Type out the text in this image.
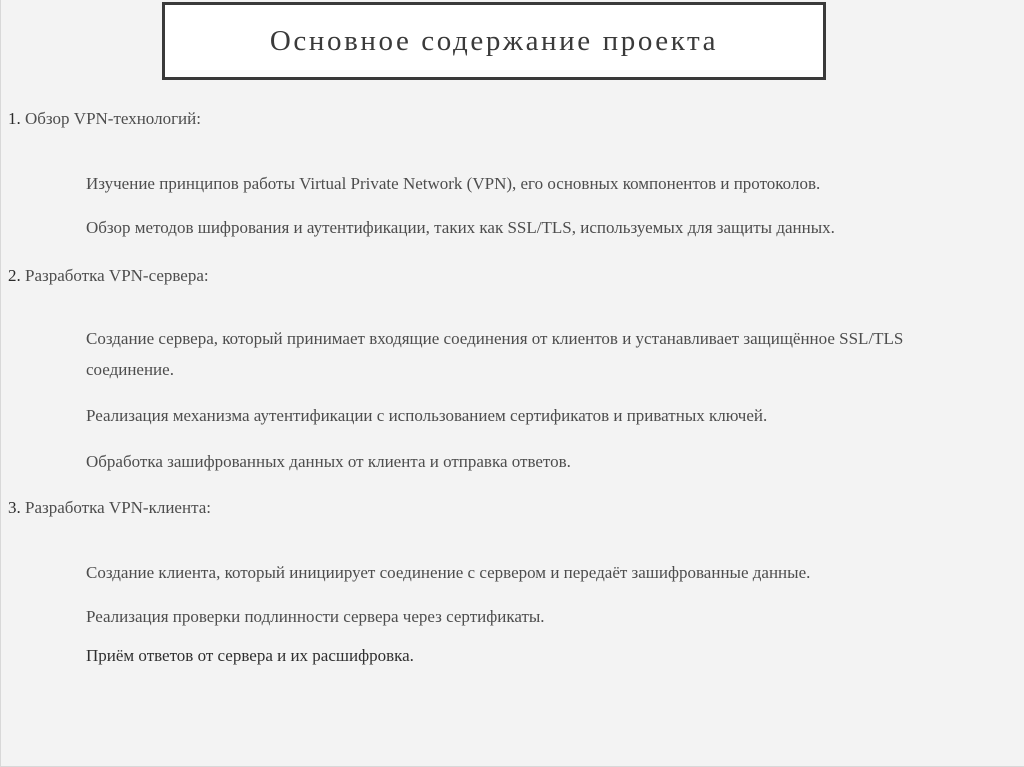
Основное содержание проекта
1. Обзор VPN-технологий:
Изучение принципов работы Virtual Private Network (VPN), его основных компонентов и протоколов.
Обзор методов шифрования и аутентификации, таких как SSL/TLS, используемых для защиты данных.
2. Разработка VPN-сервера:
Создание сервера, который принимает входящие соединения от клиентов и устанавливает защищённое SSL/TLS соединение.
Реализация механизма аутентификации с использованием сертификатов и приватных ключей.
Обработка зашифрованных данных от клиента и отправка ответов.
3. Разработка VPN-клиента:
Создание клиента, который инициирует соединение с сервером и передаёт зашифрованные данные.
Реализация проверки подлинности сервера через сертификаты.
Приём ответов от сервера и их расшифровка.
